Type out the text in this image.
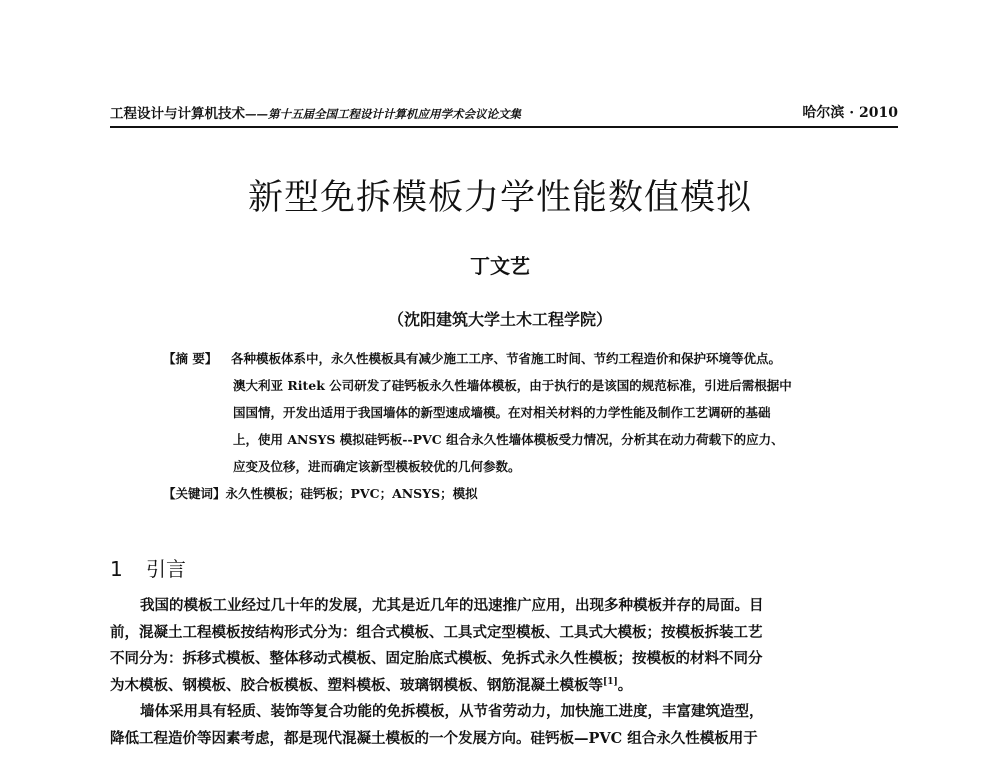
工程设计与计算机技术——第十五届全国工程设计计算机应用学术会议论文集	哈尔滨 · 2010
新型免拆模板力学性能数值模拟
丁文艺
（沈阳建筑大学土木工程学院）
【摘 要】 各种模板体系中，永久性模板具有减少施工工序、节省施工时间、节约工程造价和保护环境等优点。
澳大利亚 Ritek 公司研发了硅钙板永久性墙体模板，由于执行的是该国的规范标准，引进后需根据中
国国情，开发出适用于我国墙体的新型速成墙模。在对相关材料的力学性能及制作工艺调研的基础
上，使用 ANSYS 模拟硅钙板--PVC 组合永久性墙体模板受力情况，分析其在动力荷载下的应力、
应变及位移，进而确定该新型模板较优的几何参数。
【关键词】永久性模板；硅钙板；PVC；ANSYS；模拟
1 引言
我国的模板工业经过几十年的发展，尤其是近几年的迅速推广应用，出现多种模板并存的局面。目
前，混凝土工程模板按结构形式分为：组合式模板、工具式定型模板、工具式大模板；按模板拆装工艺
不同分为：拆移式模板、整体移动式模板、固定胎底式模板、免拆式永久性模板；按模板的材料不同分
为木模板、钢模板、胶合板模板、塑料模板、玻璃钢模板、钢筋混凝土模板等[1]。
墙体采用具有轻质、装饰等复合功能的免拆模板，从节省劳动力，加快施工进度，丰富建筑造型，
降低工程造价等因素考虑，都是现代混凝土模板的一个发展方向。硅钙板—PVC 组合永久性模板用于
